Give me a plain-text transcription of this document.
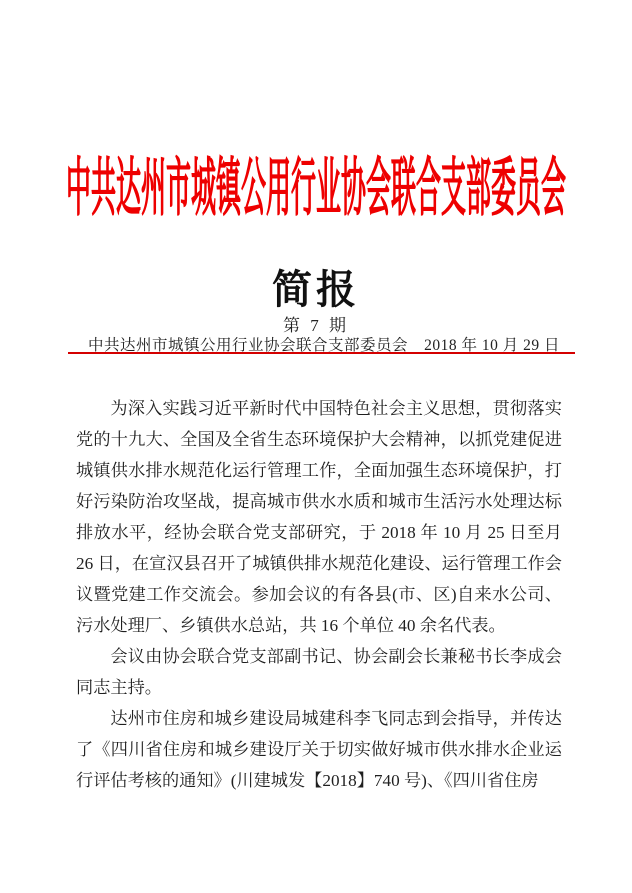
中共达州市城镇公用行业协会联合支部委员会
简报
第 7 期
中共达州市城镇公用行业协会联合支部委员会 2018 年 10 月 29 日

为深入实践习近平新时代中国特色社会主义思想，贯彻落实党的十九大、全国及全省生态环境保护大会精神，以抓党建促进城镇供水排水规范化运行管理工作，全面加强生态环境保护，打好污染防治攻坚战，提高城市供水水质和城市生活污水处理达标排放水平，经协会联合党支部研究，于 2018 年 10 月 25 日至月 26 日，在宣汉县召开了城镇供排水规范化建设、运行管理工作会议暨党建工作交流会。参加会议的有各县(市、区)自来水公司、污水处理厂、乡镇供水总站，共 16 个单位 40 余名代表。

会议由协会联合党支部副书记、协会副会长兼秘书长李成会同志主持。

达州市住房和城乡建设局城建科李飞同志到会指导，并传达了《四川省住房和城乡建设厅关于切实做好城市供水排水企业运行评估考核的通知》(川建城发【2018】740 号)、《四川省住房
